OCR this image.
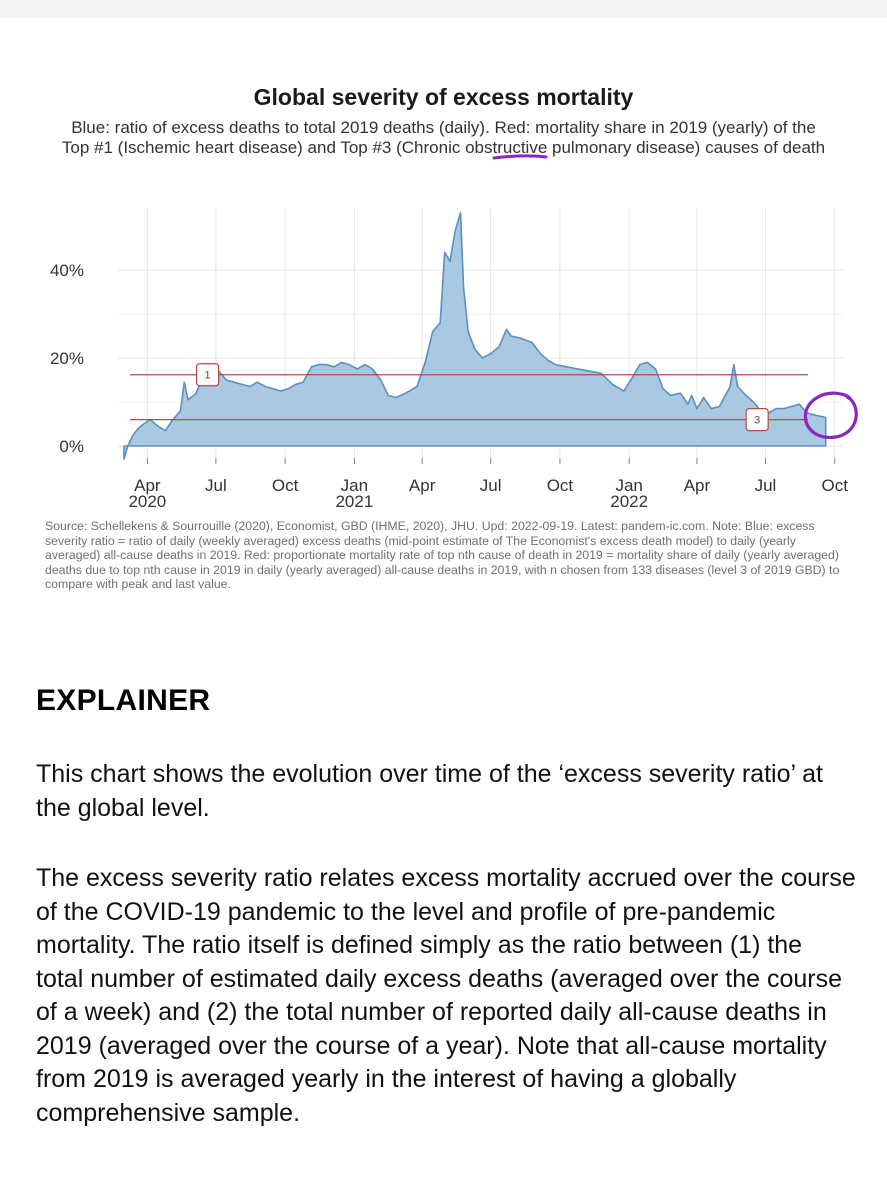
Global severity of excess mortality
Blue: ratio of excess deaths to total 2019 deaths (daily). Red: mortality share in 2019 (yearly) of the Top #1 (Ischemic heart disease) and Top #3 (Chronic obstructive pulmonary disease) causes of death
1
3
40%
20%
0%
Apr
2020
Jul	Oct Jan
2021
Apr	Jul	Oct Jan
2022
Apr	Jul	Oct
Source: Schellekens & Sourrouille (2020), Economist, GBD (IHME, 2020), JHU. Upd: 2022-09-19. Latest: pandem-ic.com. Note: Blue: excess severity ratio = ratio of daily (weekly averaged) excess deaths (mid-point estimate of The Economist's excess death model) to daily (yearly averaged) all-cause deaths in 2019. Red: proportionate mortality rate of top nth cause of death in 2019 = mortality share of daily (yearly averaged) deaths due to top nth cause in 2019 in daily (yearly averaged) all-cause deaths in 2019, with n chosen from 133 diseases (level 3 of 2019 GBD) to compare with peak and last value.
EXPLAINER
This chart shows the evolution over time of the ‘excess severity ratio’ at the global level.
The excess severity ratio relates excess mortality accrued over the course of the COVID-19 pandemic to the level and profile of pre-pandemic mortality. The ratio itself is defined simply as the ratio between (1) the total number of estimated daily excess deaths (averaged over the course of a week) and (2) the total number of reported daily all-cause deaths in 2019 (averaged over the course of a year). Note that all-cause mortality from 2019 is averaged yearly in the interest of having a globally comprehensive sample.
